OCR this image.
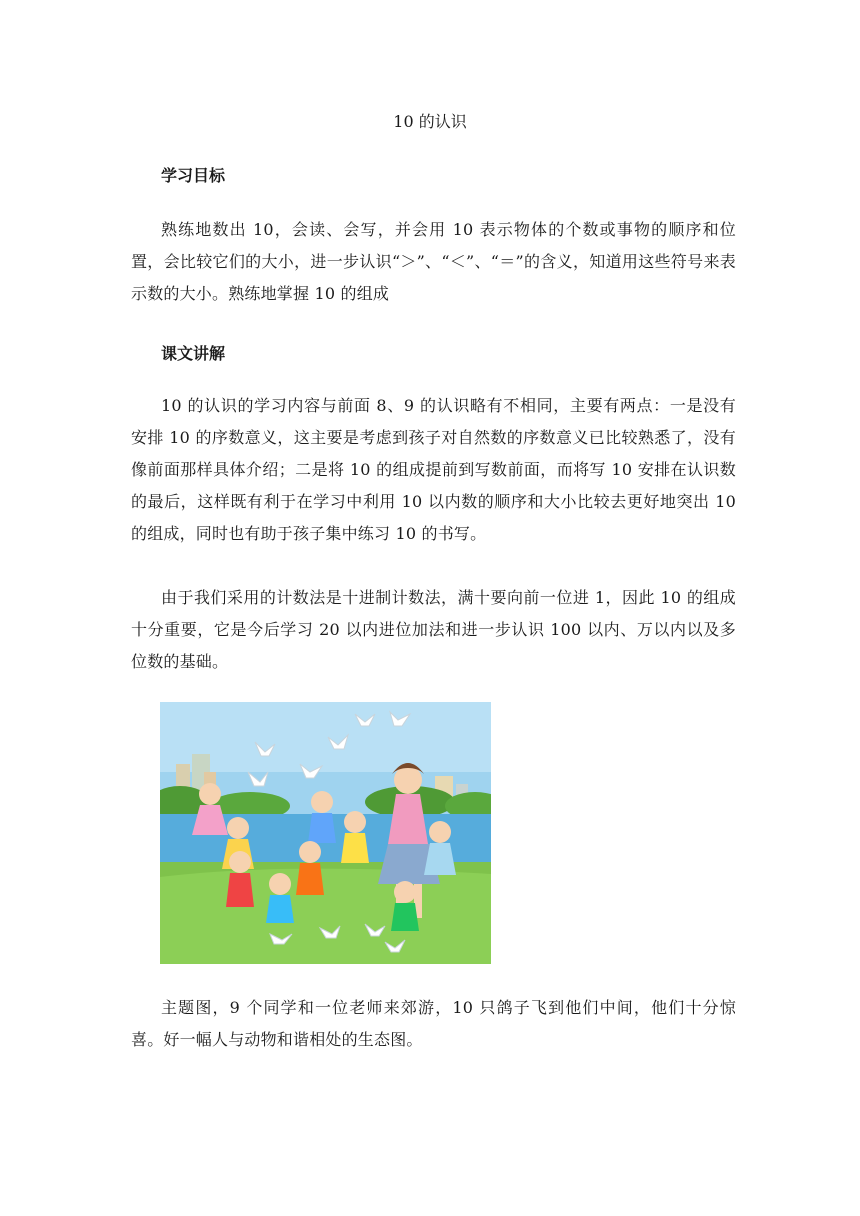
10 的认识
学习目标
熟练地数出 10，会读、会写，并会用 10 表示物体的个数或事物的顺序和位置，会比较它们的大小，进一步认识“＞”、“＜”、“＝”的含义，知道用这些符号来表示数的大小。熟练地掌握 10 的组成
课文讲解
10 的认识的学习内容与前面 8、9 的认识略有不相同，主要有两点：一是没有安排 10 的序数意义，这主要是考虑到孩子对自然数的序数意义已比较熟悉了，没有像前面那样具体介绍；二是将 10 的组成提前到写数前面，而将写 10 安排在认识数的最后，这样既有利于在学习中利用 10 以内数的顺序和大小比较去更好地突出 10 的组成，同时也有助于孩子集中练习 10 的书写。
由于我们采用的计数法是十进制计数法，满十要向前一位进 1，因此 10 的组成十分重要，它是今后学习 20 以内进位加法和进一步认识 100 以内、万以内以及多位数的基础。
主题图，9 个同学和一位老师来郊游，10 只鸽子飞到他们中间，他们十分惊喜。好一幅人与动物和谐相处的生态图。
